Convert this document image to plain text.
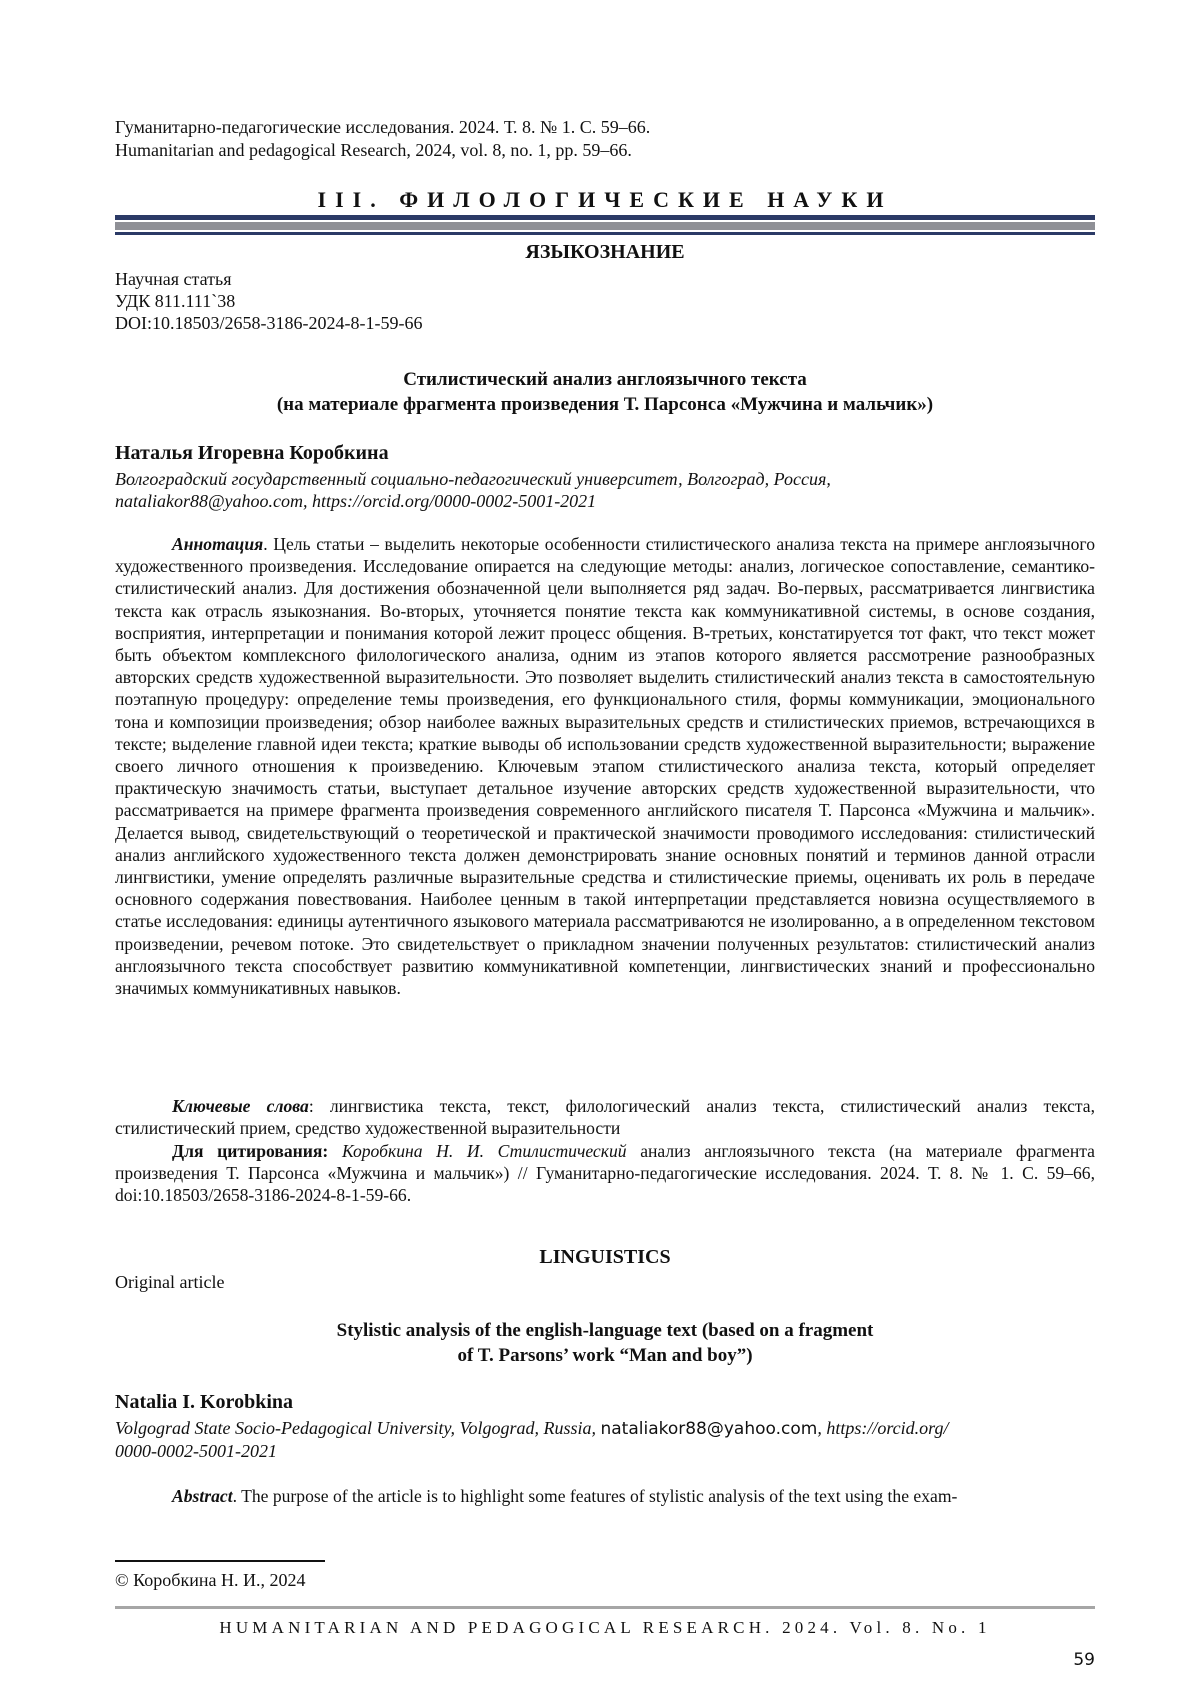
Гуманитарно-педагогические исследования. 2024. Т. 8. № 1. С. 59–66.
Humanitarian and pedagogical Research, 2024, vol. 8, no. 1, pp. 59–66.
III. ФИЛОЛОГИЧЕСКИЕ НАУКИ
ЯЗЫКОЗНАНИЕ
Научная статья
УДК 811.111`38
DOI:10.18503/2658-3186-2024-8-1-59-66
Стилистический анализ англоязычного текста
(на материале фрагмента произведения Т. Парсонса «Мужчина и мальчик»)
Наталья Игоревна Коробкина
Волгоградский государственный социально-педагогический университет, Волгоград, Россия,
nataliakor88@yahoo.com, https://orcid.org/0000-0002-5001-2021
Аннотация. Цель статьи – выделить некоторые особенности стилистического анализа текста на примере англоязычного художественного произведения. Исследование опирается на следующие методы: анализ, логическое сопоставление, семантико-стилистический анализ. Для достижения обозначенной цели выполняется ряд задач. Во-первых, рассматривается лингвистика текста как отрасль языкознания. Во-вторых, уточняется понятие текста как коммуникативной системы, в основе создания, восприятия, интерпретации и понимания которой лежит процесс общения. В-третьих, констатируется тот факт, что текст может быть объектом комплексного филологического анализа, одним из этапов которого является рассмотрение разнообразных авторских средств художественной выразительности. Это позволяет выделить стилистический анализ текста в самостоятельную поэтапную процедуру: определение темы произведения, его функционального стиля, формы коммуникации, эмоционального тона и композиции произведения; обзор наиболее важных выразительных средств и стилистических приемов, встречающихся в тексте; выделение главной идеи текста; краткие выводы об использовании средств художественной выразительности; выражение своего личного отношения к произведению. Ключевым этапом стилистического анализа текста, который определяет практическую значимость статьи, выступает детальное изучение авторских средств художественной выразительности, что рассматривается на примере фрагмента произведения современного английского писателя Т. Парсонса «Мужчина и мальчик». Делается вывод, свидетельствующий о теоретической и практической значимости проводимого исследования: стилистический анализ английского художественного текста должен демонстрировать знание основных понятий и терминов данной отрасли лингвистики, умение определять различные выразительные средства и стилистические приемы, оценивать их роль в передаче основного содержания повествования. Наиболее ценным в такой интерпретации представляется новизна осуществляемого в статье исследования: единицы аутентичного языкового материала рассматриваются не изолированно, а в определенном текстовом произведении, речевом потоке. Это свидетельствует о прикладном значении полученных результатов: стилистический анализ англоязычного текста способствует развитию коммуникативной компетенции, лингвистических знаний и профессионально значимых коммуникативных навыков.
Ключевые слова: лингвистика текста, текст, филологический анализ текста, стилистический анализ текста, стилистический прием, средство художественной выразительности
Для цитирования: Коробкина Н. И. Стилистический анализ англоязычного текста (на материале фрагмента произведения Т. Парсонса «Мужчина и мальчик») // Гуманитарно-педагогические исследования. 2024. Т. 8. № 1. С. 59–66, doi:10.18503/2658-3186-2024-8-1-59-66.
LINGUISTICS
Original article
Stylistic analysis of the english-language text (based on a fragment
of T. Parsons’ work “Man and boy”)
Natalia I. Korobkina
Volgograd State Socio-Pedagogical University, Volgograd, Russia, nataliakor88@yahoo.com, https://orcid.org/
0000-0002-5001-2021
Abstract. The purpose of the article is to highlight some features of stylistic analysis of the text using the exam-
© Коробкина Н. И., 2024
HUMANITARIAN AND PEDAGOGICAL RESEARCH. 2024. Vol. 8. No. 1
59
